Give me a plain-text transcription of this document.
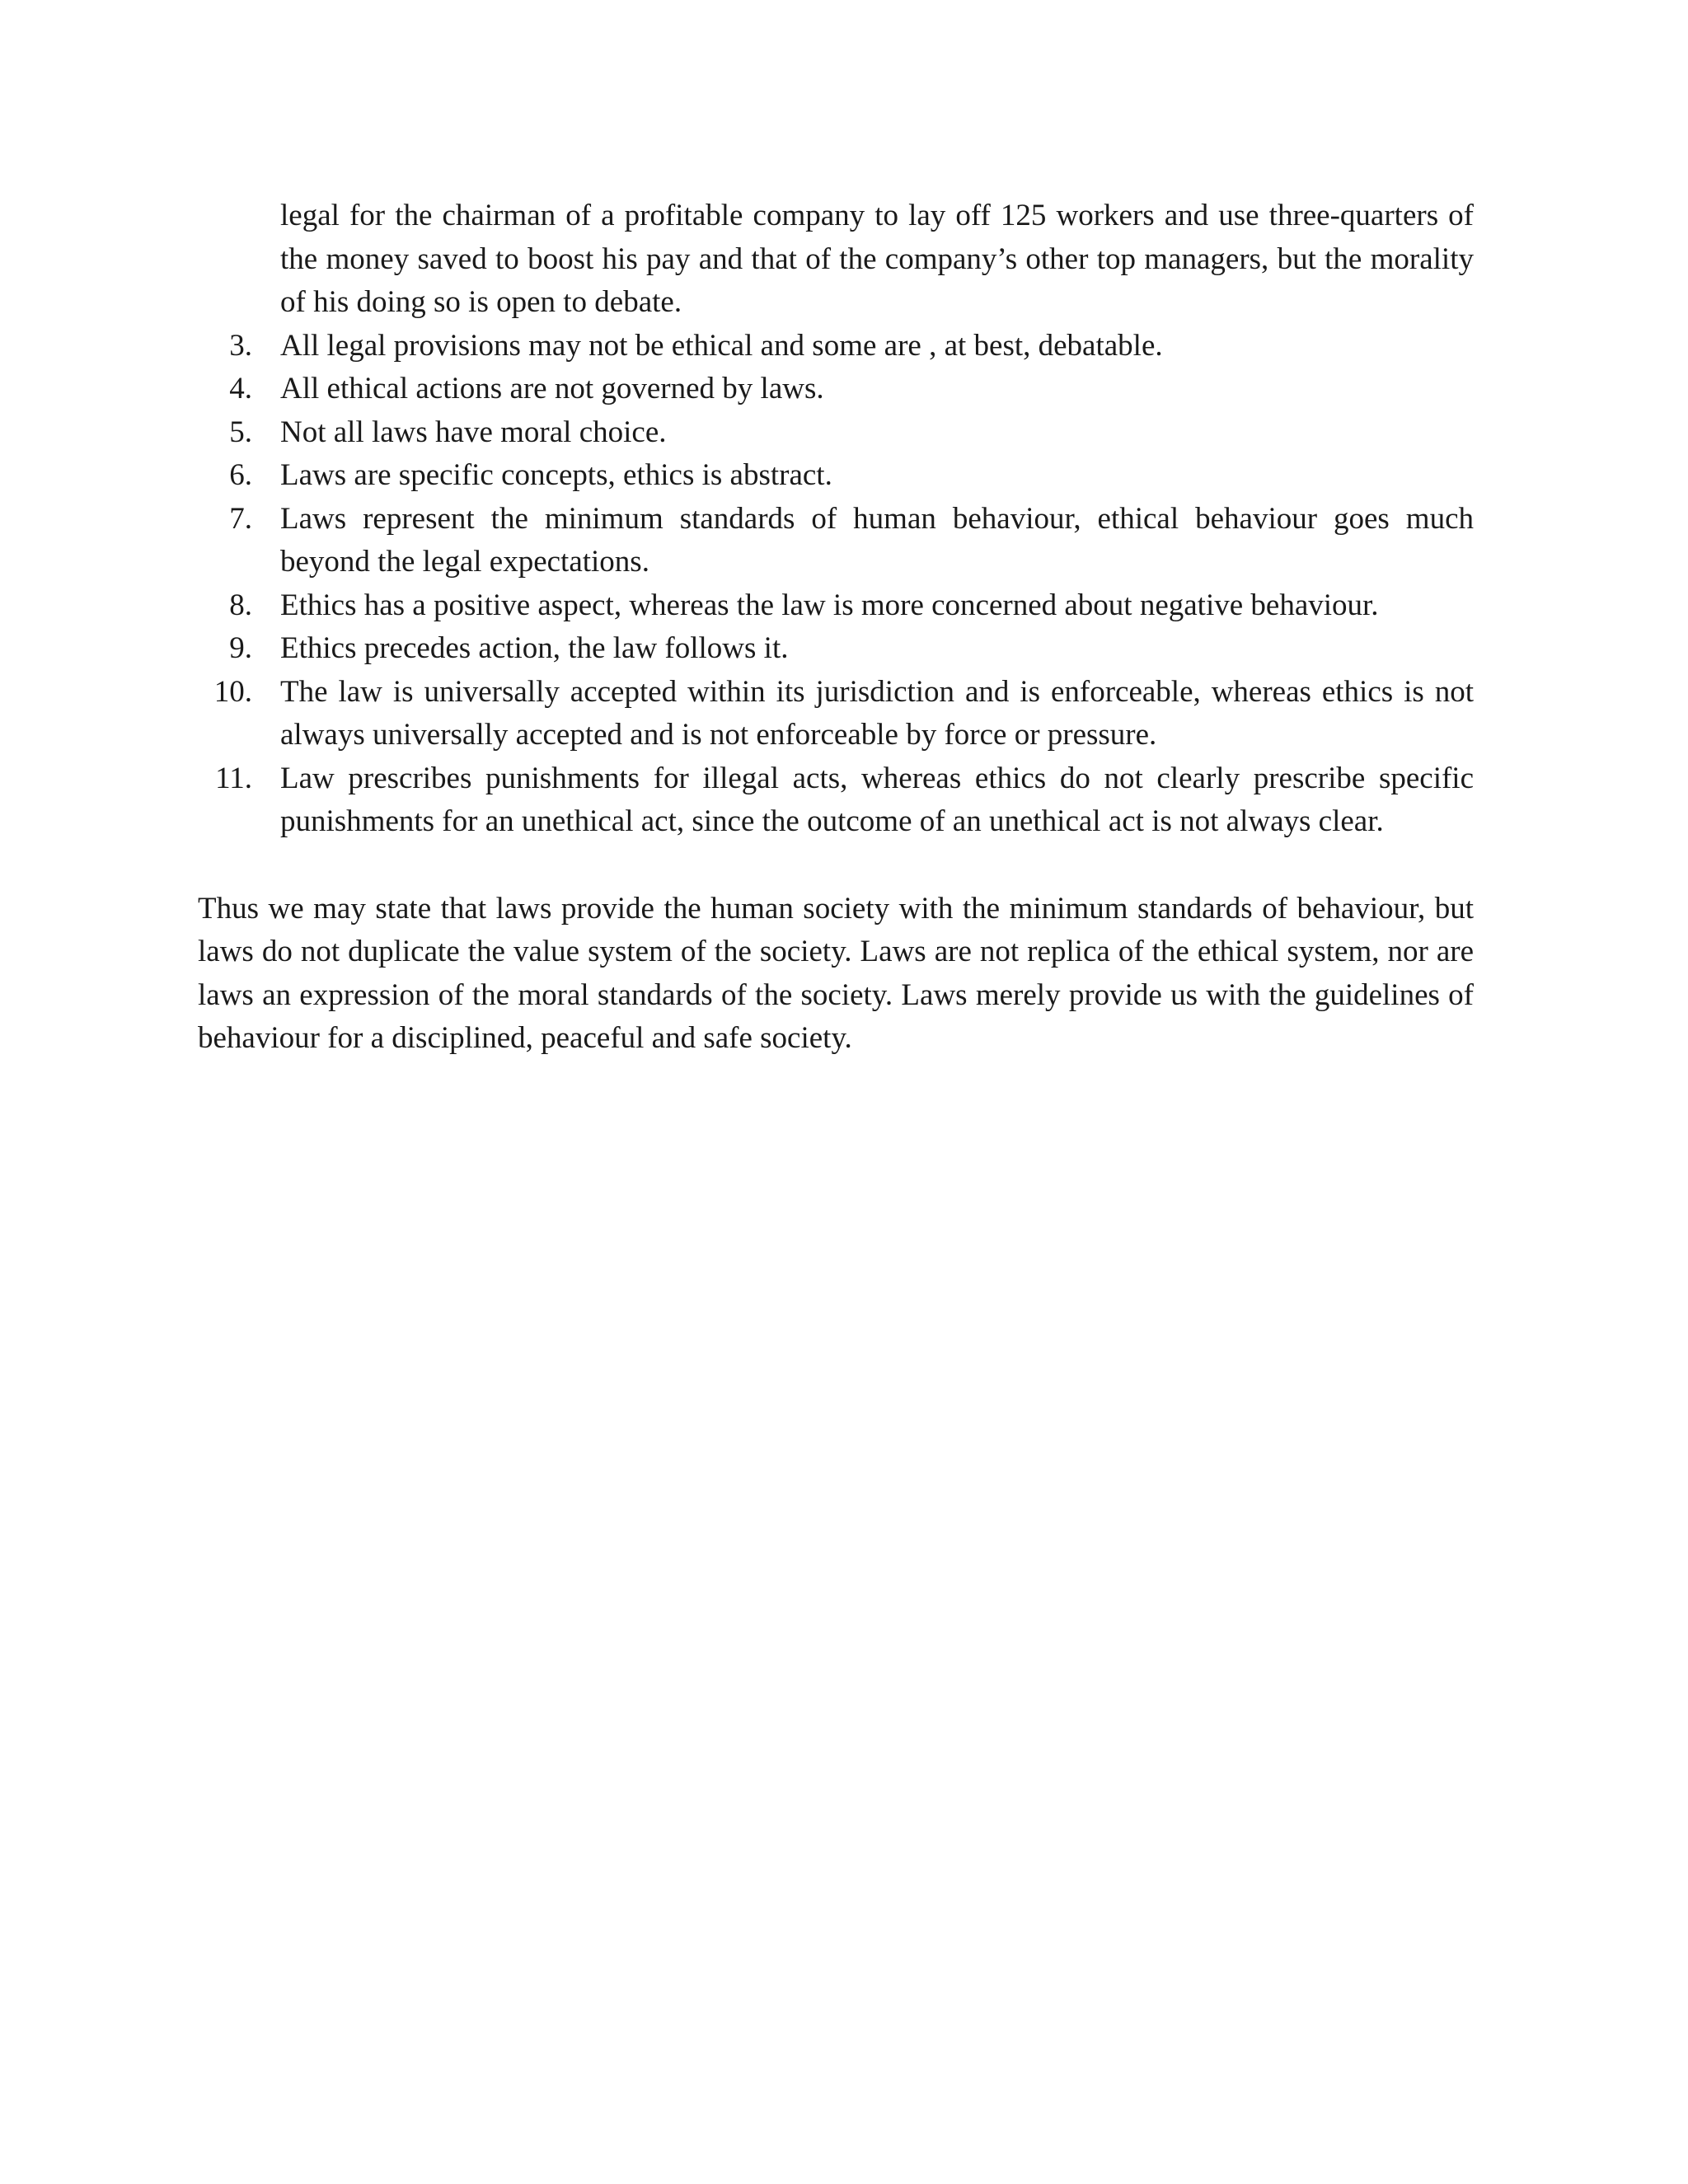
legal for the chairman of a profitable company to lay off 125 workers and use three-quarters of the money saved to boost his pay and that of the company’s other top managers, but the morality of his doing so is open to debate.
3. All legal provisions may not be ethical and some are , at best, debatable.
4. All ethical actions are not governed by laws.
5. Not all laws have moral choice.
6. Laws are specific concepts, ethics is abstract.
7. Laws represent the minimum standards of human behaviour, ethical behaviour goes much beyond the legal expectations.
8. Ethics has a positive aspect, whereas the law is more concerned about negative behaviour.
9. Ethics precedes action, the law follows it.
10. The law is universally accepted within its jurisdiction and is enforceable, whereas ethics is not always universally accepted and is not enforceable by force or pressure.
11. Law prescribes punishments for illegal acts, whereas ethics do not clearly prescribe specific punishments for an unethical act, since the outcome of an unethical act is not always clear.

Thus we may state that laws provide the human society with the minimum standards of behaviour, but laws do not duplicate the value system of the society. Laws are not replica of the ethical system, nor are laws an expression of the moral standards of the society. Laws merely provide us with the guidelines of behaviour for a disciplined, peaceful and safe society.
